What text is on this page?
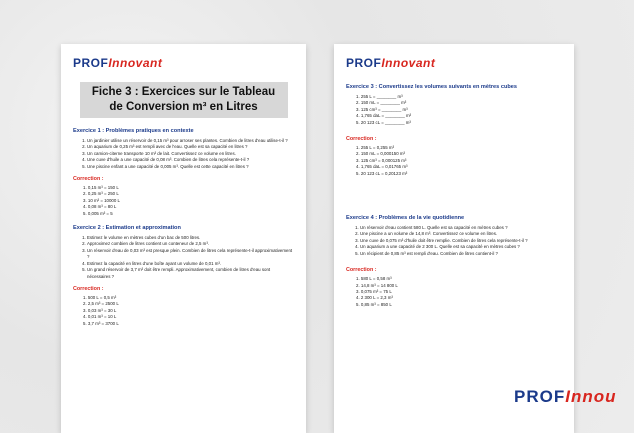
PROFInnovant
Fiche 3 : Exercices sur le Tableau
de Conversion m³ en Litres
Exercice 1 : Problèmes pratiques en contexte
1. Un jardinier utilise un réservoir de 0,15 m³ pour arroser ses plantes. Combien de litres d'eau utilise-t-il ?
2. Un aquarium de 0,25 m³ est rempli avec de l'eau. Quelle est sa capacité en litres ?
3. Un camion-citerne transporte 10 m³ de lait. Convertissez ce volume en litres.
4. Une cuve d'huile a une capacité de 0,08 m³. Combien de litres cela représente-t-il ?
5. Une piscine enfant a une capacité de 0,005 m³. Quelle est cette capacité en litres ?
Correction :
1. 0,15 m³ = 150 L
2. 0,25 m³ = 250 L
3. 10 m³ = 10000 L
4. 0,08 m³ = 80 L
5. 0,005 m³ = 5
Exercice 2 : Estimation et approximation
1. Estimez le volume en mètres cubes d'un bac de 500 litres.
2. Approximez combien de litres contient un conteneur de 2,5 m³.
3. Un réservoir d'eau de 0,03 m³ est presque plein. Combien de litres cela représente-t-il approximativement ?
4. Estimez la capacité en litres d'une boîte ayant un volume de 0,01 m³.
5. Un grand réservoir de 3,7 m³ doit être rempli. Approximativement, combien de litres d'eau sont nécessaires ?
Correction :
1. 500 L = 0,5 m³
2. 2,5 m³ = 2500 L
3. 0,03 m³ = 30 L
4. 0,01 m³ = 10 L
5. 3,7 m³ = 3700 L
PROFInnovant
Exercice 3 : Convertissez les volumes suivants en mètres cubes
1. 255 L = ________ m³
2. 150 mL = ________ m³
3. 125 cm³ = ________ m³
4. 1,765 daL = ________ m³
5. 20 123 cL = ________ m³
Correction :
1. 255 L = 0,255 m³
2. 150 mL = 0,000150 m³
3. 125 cm³ = 0,000125 m³
4. 1,765 daL = 0,01765 m³
5. 20 123 cL = 0,20123 m³
Exercice 4 : Problèmes de la vie quotidienne
1. Un réservoir d'eau contient 580 L. Quelle est sa capacité en mètres cubes ?
2. Une piscine a un volume de 14,8 m³. Convertissez ce volume en litres.
3. Une cuve de 0,075 m³ d'huile doit être remplie. Combien de litres cela représente-t-il ?
4. Un aquarium a une capacité de 2 300 L. Quelle est sa capacité en mètres cubes ?
5. Un récipient de 0,85 m³ est rempli d'eau. Combien de litres contient-il ?
Correction :
1. 580 L = 0,58 m³
2. 14,8 m³ = 14 800 L
3. 0,075 m³ = 75 L
4. 2 300 L = 2,3 m³
5. 0,85 m³ = 850 L
PROFInnou
